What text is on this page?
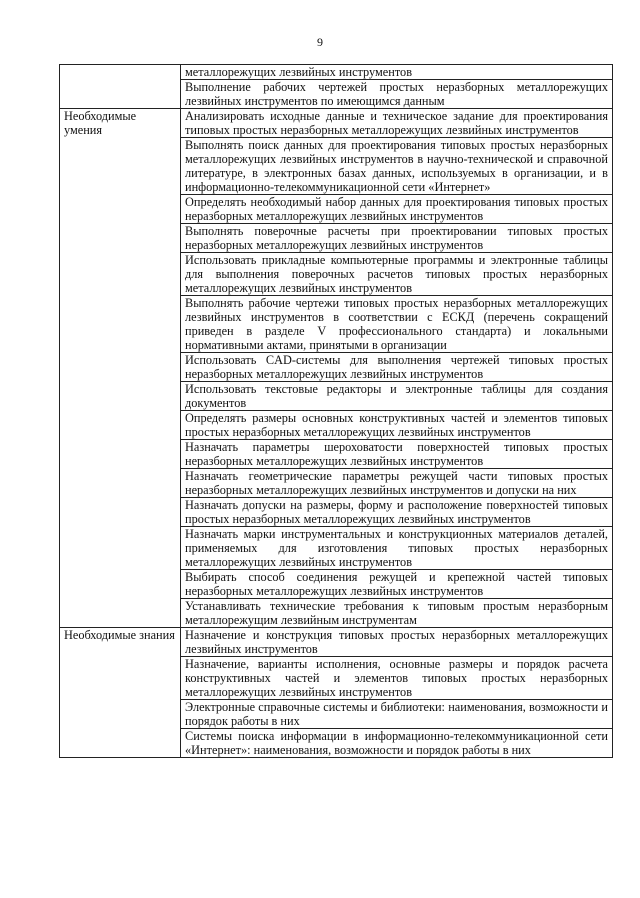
9

	металлорежущих лезвийных инструментов

	Выполнение рабочих чертежей простых неразборных металлорежущих лезвийных инструментов по имеющимся данным

Необходимые умения	Анализировать исходные данные и техническое задание для проектирования типовых простых неразборных металлорежущих лезвийных инструментов

	Выполнять поиск данных для проектирования типовых простых неразборных металлорежущих лезвийных инструментов в научно-технической и справочной литературе, в электронных базах данных, используемых в организации, и в информационно-телекоммуникационной сети «Интернет»

	Определять необходимый набор данных для проектирования типовых простых неразборных металлорежущих лезвийных инструментов

	Выполнять поверочные расчеты при проектировании типовых простых неразборных металлорежущих лезвийных инструментов

	Использовать прикладные компьютерные программы и электронные таблицы для выполнения поверочных расчетов типовых простых неразборных металлорежущих лезвийных инструментов

	Выполнять рабочие чертежи типовых простых неразборных металлорежущих лезвийных инструментов в соответствии с ЕСКД (перечень сокращений приведен в разделе V профессионального стандарта) и локальными нормативными актами, принятыми в организации

	Использовать CAD-системы для выполнения чертежей типовых простых неразборных металлорежущих лезвийных инструментов

	Использовать текстовые редакторы и электронные таблицы для создания документов

	Определять размеры основных конструктивных частей и элементов типовых простых неразборных металлорежущих лезвийных инструментов

	Назначать параметры шероховатости поверхностей типовых простых неразборных металлорежущих лезвийных инструментов

	Назначать геометрические параметры режущей части типовых простых неразборных металлорежущих лезвийных инструментов и допуски на них

	Назначать допуски на размеры, форму и расположение поверхностей типовых простых неразборных металлорежущих лезвийных инструментов

	Назначать марки инструментальных и конструкционных материалов деталей, применяемых для изготовления типовых простых неразборных металлорежущих лезвийных инструментов

	Выбирать способ соединения режущей и крепежной частей типовых неразборных металлорежущих лезвийных инструментов

	Устанавливать технические требования к типовым простым неразборным металлорежущим лезвийным инструментам

Необходимые знания	Назначение и конструкция типовых простых неразборных металлорежущих лезвийных инструментов

	Назначение, варианты исполнения, основные размеры и порядок расчета конструктивных частей и элементов типовых простых неразборных металлорежущих лезвийных инструментов

	Электронные справочные системы и библиотеки: наименования, возможности и порядок работы в них

	Системы поиска информации в информационно-телекоммуникационной сети «Интернет»: наименования, возможности и порядок работы в них
